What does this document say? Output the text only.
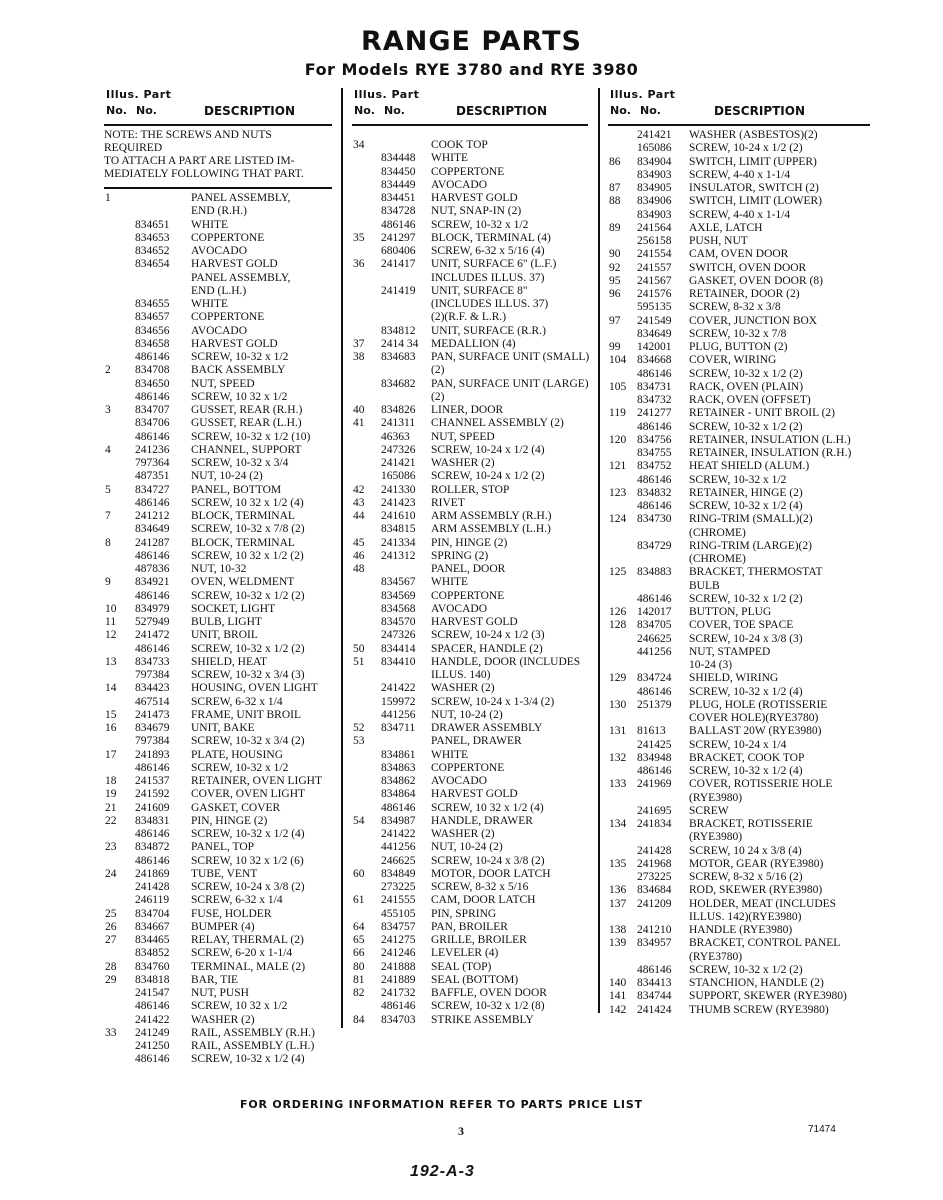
RANGE PARTS
For Models RYE 3780 and RYE 3980
Illus. Part
No. No.	DESCRIPTION
NOTE: THE SCREWS AND NUTS REQUIRED
TO ATTACH A PART ARE LISTED IM-
MEDIATELY FOLLOWING THAT PART.
1	PANEL ASSEMBLY,
END (R.H.)
834651	WHITE
834653	COPPERTONE
834652	AVOCADO
834654	HARVEST GOLD
PANEL ASSEMBLY,
END (L.H.)
834655	WHITE
834657	COPPERTONE
834656	AVOCADO
834658	HARVEST GOLD
486146	SCREW, 10-32 x 1/2
2	834708	BACK ASSEMBLY
834650	NUT, SPEED
486146	SCREW, 10 32 x 1/2
3	834707	GUSSET, REAR (R.H.)
834706	GUSSET, REAR (L.H.)
486146	SCREW, 10-32 x 1/2 (10)
4	241236	CHANNEL, SUPPORT
797364	SCREW, 10-32 x 3/4
487351	NUT, 10-24 (2)
5	834727	PANEL, BOTTOM
486146	SCREW, 10 32 x 1/2 (4)
7	241212	BLOCK, TERMINAL
834649	SCREW, 10-32 x 7/8 (2)
8	241287	BLOCK, TERMINAL
486146	SCREW, 10 32 x 1/2 (2)
487836	NUT, 10-32
9	834921	OVEN, WELDMENT
486146	SCREW, 10-32 x 1/2 (2)
10	834979	SOCKET, LIGHT
11	527949	BULB, LIGHT
12	241472	UNIT, BROIL
486146	SCREW, 10-32 x 1/2 (2)
13	834733	SHIELD, HEAT
797384	SCREW, 10-32 x 3/4 (3)
14	834423	HOUSING, OVEN LIGHT
467514	SCREW, 6-32 x 1/4
15	241473	FRAME, UNIT BROIL
16	834679	UNIT, BAKE
797384	SCREW, 10-32 x 3/4 (2)
17	241893	PLATE, HOUSING
486146	SCREW, 10-32 x 1/2
18	241537	RETAINER, OVEN LIGHT
19	241592	COVER, OVEN LIGHT
21	241609	GASKET, COVER
22	834831	PIN, HINGE (2)
486146	SCREW, 10-32 x 1/2 (4)
23	834872	PANEL, TOP
486146	SCREW, 10 32 x 1/2 (6)
24	241869	TUBE, VENT
241428	SCREW, 10-24 x 3/8 (2)
246119	SCREW, 6-32 x 1/4
25	834704	FUSE, HOLDER
26	834667	BUMPER (4)
27	834465	RELAY, THERMAL (2)
834852	SCREW, 6-20 x 1-1/4
28	834760	TERMINAL, MALE (2)
29	834818	BAR, TIE
241547	NUT, PUSH
486146	SCREW, 10 32 x 1/2
241422	WASHER (2)
33	241249	RAIL, ASSEMBLY (R.H.)
241250	RAIL, ASSEMBLY (L.H.)
486146	SCREW, 10-32 x 1/2 (4)
Illus. Part
No. No.	DESCRIPTION
34	COOK TOP
834448	WHITE
834450	COPPERTONE
834449	AVOCADO
834451	HARVEST GOLD
834728	NUT, SNAP-IN (2)
486146	SCREW, 10-32 x 1/2
35	241297	BLOCK, TERMINAL (4)
680406	SCREW, 6-32 x 5/16 (4)
36	241417	UNIT, SURFACE 6" (L.F.)
INCLUDES ILLUS. 37)
241419	UNIT, SURFACE 8"
(INCLUDES ILLUS. 37)
(2)(R.F. & L.R.)
834812	UNIT, SURFACE (R.R.)
37	2414 34	MEDALLION (4)
38	834683	PAN, SURFACE UNIT (SMALL)
(2)
834682	PAN, SURFACE UNIT (LARGE)
(2)
40	834826	LINER, DOOR
41	241311	CHANNEL ASSEMBLY (2)
46363	NUT, SPEED
247326	SCREW, 10-24 x 1/2 (4)
241421	WASHER (2)
165086	SCREW, 10-24 x 1/2 (2)
42	241330	ROLLER, STOP
43	241423	RIVET
44	241610	ARM ASSEMBLY (R.H.)
834815	ARM ASSEMBLY (L.H.)
45	241334	PIN, HINGE (2)
46	241312	SPRING (2)
48	PANEL, DOOR
834567	WHITE
834569	COPPERTONE
834568	AVOCADO
834570	HARVEST GOLD
247326	SCREW, 10-24 x 1/2 (3)
50	834414	SPACER, HANDLE (2)
51	834410	HANDLE, DOOR (INCLUDES
ILLUS. 140)
241422	WASHER (2)
159972	SCREW, 10-24 x 1-3/4 (2)
441256	NUT, 10-24 (2)
52	834711	DRAWER ASSEMBLY
53	PANEL, DRAWER
834861	WHITE
834863	COPPERTONE
834862	AVOCADO
834864	HARVEST GOLD
486146	SCREW, 10 32 x 1/2 (4)
54	834987	HANDLE, DRAWER
241422	WASHER (2)
441256	NUT, 10-24 (2)
246625	SCREW, 10-24 x 3/8 (2)
60	834849	MOTOR, DOOR LATCH
273225	SCREW, 8-32 x 5/16
61	241555	CAM, DOOR LATCH
455105	PIN, SPRING
64	834757	PAN, BROILER
65	241275	GRILLE, BROILER
66	241246	LEVELER (4)
80	241888	SEAL (TOP)
81	241889	SEAL (BOTTOM)
82	241732	BAFFLE, OVEN DOOR
486146	SCREW, 10-32 x 1/2 (8)
84	834703	STRIKE ASSEMBLY
Illus. Part
No. No.	DESCRIPTION
241421	WASHER (ASBESTOS)(2)
165086	SCREW, 10-24 x 1/2 (2)
86	834904	SWITCH, LIMIT (UPPER)
834903	SCREW, 4-40 x 1-1/4
87	834905	INSULATOR, SWITCH (2)
88	834906	SWITCH, LIMIT (LOWER)
834903	SCREW, 4-40 x 1-1/4
89	241564	AXLE, LATCH
256158	PUSH, NUT
90	241554	CAM, OVEN DOOR
92	241557	SWITCH, OVEN DOOR
95	241567	GASKET, OVEN DOOR (8)
96	241576	RETAINER, DOOR (2)
595135	SCREW, 8-32 x 3/8
97	241549	COVER, JUNCTION BOX
834649	SCREW, 10-32 x 7/8
99	142001	PLUG, BUTTON (2)
104 834668	COVER, WIRING
486146	SCREW, 10-32 x 1/2 (2)
105 834731	RACK, OVEN (PLAIN)
834732	RACK, OVEN (OFFSET)
119 241277	RETAINER - UNIT BROIL (2)
486146	SCREW, 10-32 x 1/2 (2)
120 834756	RETAINER, INSULATION (L.H.)
834755	RETAINER, INSULATION (R.H.)
121 834752	HEAT SHIELD (ALUM.)
486146	SCREW, 10-32 x 1/2
123 834832	RETAINER, HINGE (2)
486146	SCREW, 10-32 x 1/2 (4)
124 834730	RING-TRIM (SMALL)(2)
(CHROME)
834729	RING-TRIM (LARGE)(2)
(CHROME)
125 834883	BRACKET, THERMOSTAT
BULB
486146	SCREW, 10-32 x 1/2 (2)
126 142017	BUTTON, PLUG
128 834705	COVER, TOE SPACE
246625	SCREW, 10-24 x 3/8 (3)
441256	NUT, STAMPED
10-24 (3)
129 834724	SHIELD, WIRING
486146	SCREW, 10-32 x 1/2 (4)
130 251379	PLUG, HOLE (ROTISSERIE
COVER HOLE)(RYE3780)
131 81613	BALLAST 20W (RYE3980)
241425	SCREW, 10-24 x 1/4
132 834948	BRACKET, COOK TOP
486146	SCREW, 10-32 x 1/2 (4)
133 241969	COVER, ROTISSERIE HOLE
(RYE3980)
241695	SCREW
134 241834	BRACKET, ROTISSERIE
(RYE3980)
241428	SCREW, 10 24 x 3/8 (4)
135 241968	MOTOR, GEAR (RYE3980)
273225	SCREW, 8-32 x 5/16 (2)
136 834684	ROD, SKEWER (RYE3980)
137 241209	HOLDER, MEAT (INCLUDES
ILLUS. 142)(RYE3980)
138 241210	HANDLE (RYE3980)
139 834957	BRACKET, CONTROL PANEL
(RYE3780)
486146	SCREW, 10-32 x 1/2 (2)
140 834413	STANCHION, HANDLE (2)
141 834744	SUPPORT, SKEWER (RYE3980)
142 241424	THUMB SCREW (RYE3980)
FOR ORDERING INFORMATION REFER TO PARTS PRICE LIST
3	71474
192-A-3
